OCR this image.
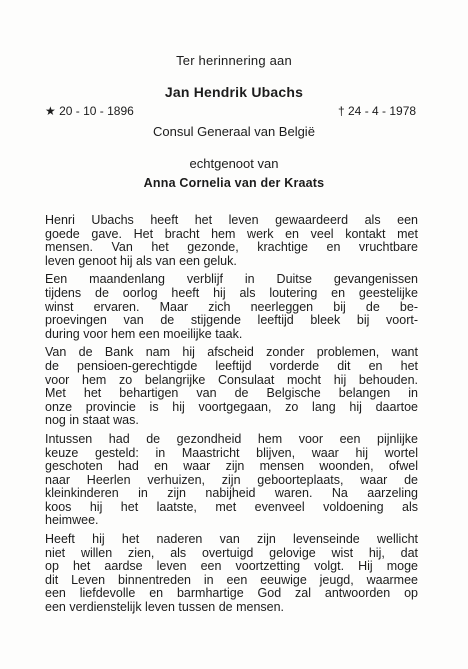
Ter herinnering aan
Jan Hendrik Ubachs
★ 20 - 10 - 1896	† 24 - 4 - 1978
Consul Generaal van België
echtgenoot van
Anna Cornelia van der Kraats
Henri Ubachs heeft het leven gewaardeerd als een
goede gave. Het bracht hem werk en veel kontakt met
mensen. Van het gezonde, krachtige en vruchtbare
leven genoot hij als van een geluk.
Een maandenlang verblijf in Duitse gevangenissen
tijdens de oorlog heeft hij als loutering en geestelijke
winst ervaren. Maar zich neerleggen bij de be-
proevingen van de stijgende leeftijd bleek bij voort-
during voor hem een moeilijke taak.
Van de Bank nam hij afscheid zonder problemen, want
de pensioen-gerechtigde leeftijd vorderde dit en het
voor hem zo belangrijke Consulaat mocht hij behouden.
Met het behartigen van de Belgische belangen in
onze provincie is hij voortgegaan, zo lang hij daartoe
nog in staat was.
Intussen had de gezondheid hem voor een pijnlijke
keuze gesteld: in Maastricht blijven, waar hij wortel
geschoten had en waar zijn mensen woonden, ofwel
naar Heerlen verhuizen, zijn geboorteplaats, waar de
kleinkinderen in zijn nabijheid waren. Na aarzeling
koos hij het laatste, met evenveel voldoening als
heimwee.
Heeft hij het naderen van zijn levenseinde wellicht
niet willen zien, als overtuigd gelovige wist hij, dat
op het aardse leven een voortzetting volgt. Hij moge
dit Leven binnentreden in een eeuwige jeugd, waarmee
een liefdevolle en barmhartige God zal antwoorden op
een verdienstelijk leven tussen de mensen.
